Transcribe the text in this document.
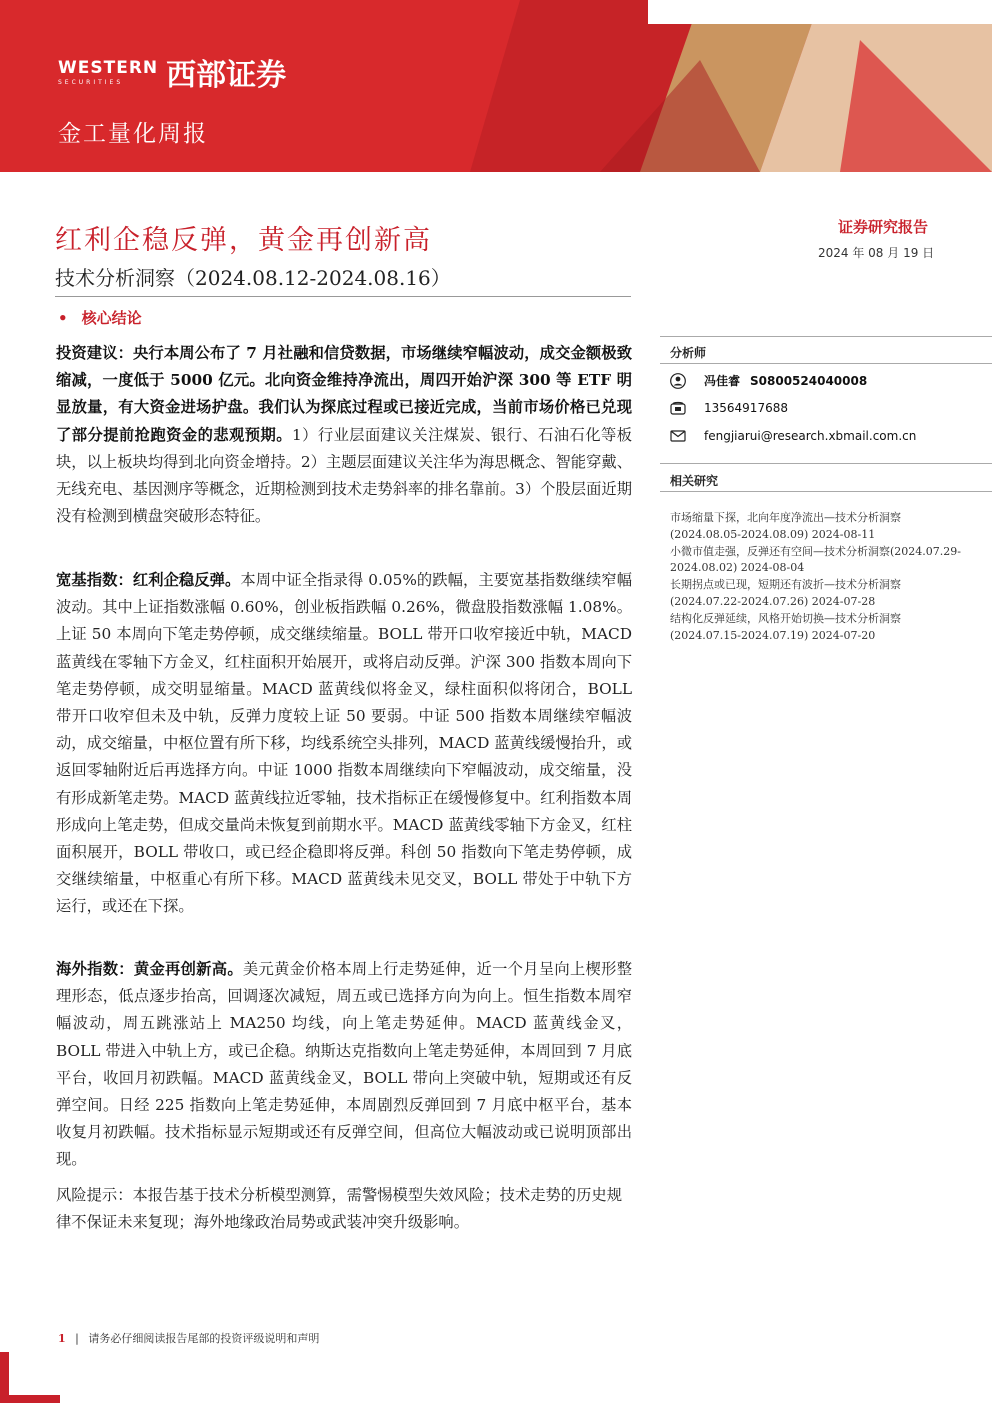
WESTERN
SECURITIES	西部证券
金工量化周报
红利企稳反弹，黄金再创新高
技术分析洞察（2024.08.12-2024.08.16）
• 核心结论
投资建议：央行本周公布了 7 月社融和信贷数据，市场继续窄幅波动，成交金额极致缩减，一度低于 5000 亿元。北向资金维持净流出，周四开始沪深 300 等 ETF 明显放量，有大资金进场护盘。我们认为探底过程或已接近完成，当前市场价格已兑现了部分提前抢跑资金的悲观预期。1）行业层面建议关注煤炭、银行、石油石化等板块，以上板块均得到北向资金增持。2）主题层面建议关注华为海思概念、智能穿戴、无线充电、基因测序等概念，近期检测到技术走势斜率的排名靠前。3）个股层面近期没有检测到横盘突破形态特征。
宽基指数：红利企稳反弹。本周中证全指录得 0.05%的跌幅，主要宽基指数继续窄幅波动。其中上证指数涨幅 0.60%，创业板指跌幅 0.26%，微盘股指数涨幅 1.08%。上证 50 本周向下笔走势停顿，成交继续缩量。BOLL 带开口收窄接近中轨，MACD 蓝黄线在零轴下方金叉，红柱面积开始展开，或将启动反弹。沪深 300 指数本周向下笔走势停顿，成交明显缩量。MACD 蓝黄线似将金叉，绿柱面积似将闭合，BOLL 带开口收窄但未及中轨，反弹力度较上证 50 要弱。中证 500 指数本周继续窄幅波动，成交缩量，中枢位置有所下移，均线系统空头排列，MACD 蓝黄线缓慢抬升，或返回零轴附近后再选择方向。中证 1000 指数本周继续向下窄幅波动，成交缩量，没有形成新笔走势。MACD 蓝黄线拉近零轴，技术指标正在缓慢修复中。红利指数本周形成向上笔走势，但成交量尚未恢复到前期水平。MACD 蓝黄线零轴下方金叉，红柱面积展开，BOLL 带收口，或已经企稳即将反弹。科创 50 指数向下笔走势停顿，成交继续缩量，中枢重心有所下移。MACD 蓝黄线未见交叉，BOLL 带处于中轨下方运行，或还在下探。
海外指数：黄金再创新高。美元黄金价格本周上行走势延伸，近一个月呈向上楔形整理形态，低点逐步抬高，回调逐次减短，周五或已选择方向为向上。恒生指数本周窄幅波动，周五跳涨站上 MA250 均线，向上笔走势延伸。MACD 蓝黄线金叉，BOLL 带进入中轨上方，或已企稳。纳斯达克指数向上笔走势延伸，本周回到 7 月底平台，收回月初跌幅。MACD 蓝黄线金叉，BOLL 带向上突破中轨，短期或还有反弹空间。日经 225 指数向上笔走势延伸，本周剧烈反弹回到 7 月底中枢平台，基本收复月初跌幅。技术指标显示短期或还有反弹空间，但高位大幅波动或已说明顶部出现。
风险提示：本报告基于技术分析模型测算，需警惕模型失效风险；技术走势的历史规律不保证未来复现；海外地缘政治局势或武装冲突升级影响。
证券研究报告
2024 年 08 月 19 日
分析师
冯佳睿 S0800524040008
13564917688
fengjiarui@research.xbmail.com.cn
相关研究
市场缩量下探，北向年度净流出—技术分析洞察(2024.08.05-2024.08.09) 2024-08-11
小微市值走强，反弹还有空间—技术分析洞察(2024.07.29-2024.08.02) 2024-08-04
长期拐点或已现，短期还有波折—技术分析洞察(2024.07.22-2024.07.26) 2024-07-28
结构化反弹延续，风格开始切换—技术分析洞察(2024.07.15-2024.07.19) 2024-07-20
1 | 请务必仔细阅读报告尾部的投资评级说明和声明
